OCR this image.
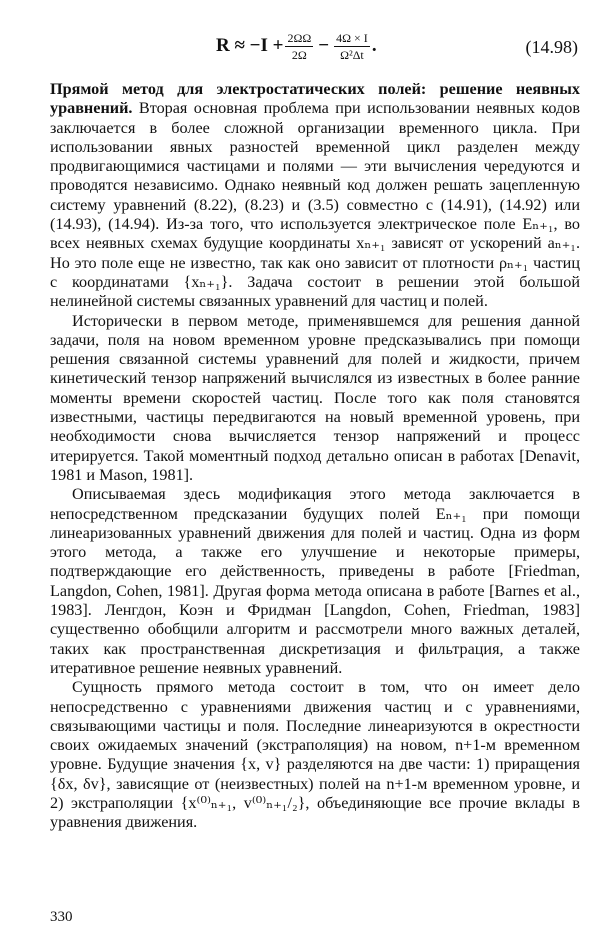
$R \approx -I + \frac{2\Omega\Omega}{2\Omega} - \frac{4\Omega \times I}{\text{Ω²Δt}}$ .	(14.98)

Прямой метод для электростатических полей: решение неявных уравнений. Вторая основная проблема при использовании неявных кодов заключается в более сложной организации временного цикла. При использовании явных разностей временной цикл разделен между продвигающимися частицами и полями — эти вычисления чередуются и проводятся независимо. Однако неявный код должен решать зацепленную систему уравнений (8.22), (8.23) и (3.5) совместно с (14.91), (14.92) или (14.93), (14.94). Из-за того, что используется электрическое поле Eₙ₊₁, во всех неявных схемах будущие координаты xₙ₊₁ зависят от ускорений aₙ₊₁. Но это поле еще не известно, так как оно зависит от плотности ρₙ₊₁ частиц с координатами {xₙ₊₁}. Задача состоит в решении этой большой нелинейной системы связанных уравнений для частиц и полей.

Исторически в первом методе, применявшемся для решения данной задачи, поля на новом временном уровне предсказывались при помощи решения связанной системы уравнений для полей и жидкости, причем кинетический тензор напряжений вычислялся из известных в более ранние моменты времени скоростей частиц. После того как поля становятся известными, частицы передвигаются на новый временной уровень, при необходимости снова вычисляется тензор напряжений и процесс итерируется. Такой моментный подход детально описан в работах [Denavit, 1981 и Mason, 1981].

Описываемая здесь модификация этого метода заключается в непосредственном предсказании будущих полей Eₙ₊₁ при помощи линеаризованных уравнений движения для полей и частиц. Одна из форм этого метода, а также его улучшение и некоторые примеры, подтверждающие его действенность, приведены в работе [Friedman, Langdon, Cohen, 1981]. Другая форма метода описана в работе [Barnes et al., 1983]. Ленгдон, Коэн и Фридман [Langdon, Cohen, Friedman, 1983] существенно обобщили алгоритм и рассмотрели много важных деталей, таких как пространственная дискретизация и фильтрация, а также итеративное решение неявных уравнений.

Сущность прямого метода состоит в том, что он имеет дело непосредственно с уравнениями движения частиц и с уравнениями, связывающими частицы и поля. Последние линеаризуются в окрестности своих ожидаемых значений (экстраполяция) на новом, n+1-м временном уровне. Будущие значения {x, v} разделяются на две части: 1) приращения {δx, δv}, зависящие от (неизвестных) полей на n+1-м временном уровне, и 2) экстраполяции {x⁽⁰⁾ₙ₊₁, v⁽⁰⁾ₙ₊₁/₂}, объединяющие все прочие вклады в уравнения движения.

330
